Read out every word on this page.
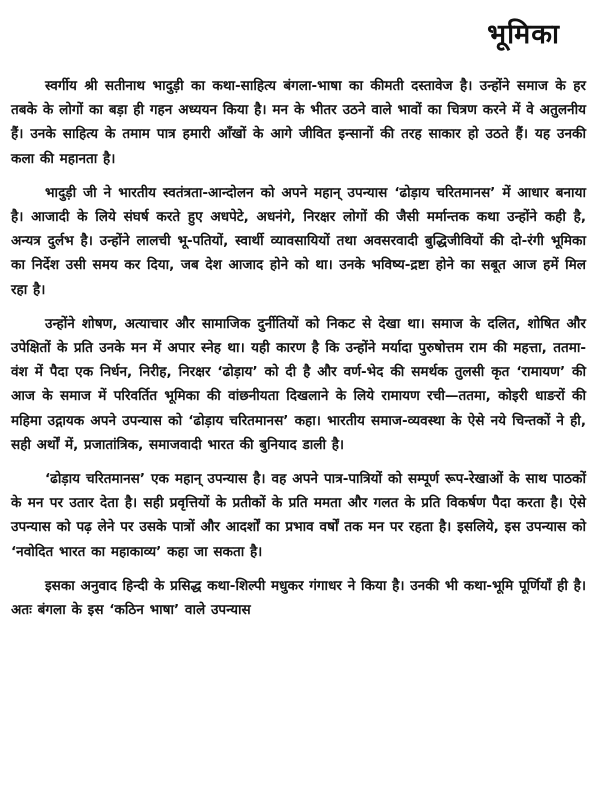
भूमिका

स्वर्गीय श्री सतीनाथ भादुड़ी का कथा-साहित्य बंगला-भाषा का कीमती दस्तावेज है। उन्होंने समाज के हर तबके के लोगों का बड़ा ही गहन अध्ययन किया है। मन के भीतर उठने वाले भावों का चित्रण करने में वे अतुलनीय हैं। उनके साहित्य के तमाम पात्र हमारी आँखों के आगे जीवित इन्सानों की तरह साकार हो उठते हैं। यह उनकी कला की महानता है।

भादुड़ी जी ने भारतीय स्वतंत्रता-आन्दोलन को अपने महान् उपन्यास ‘ढोड़ाय चरितमानस’ में आधार बनाया है। आजादी के लिये संघर्ष करते हुए अधपेटे, अधनंगे, निरक्षर लोगों की जैसी मर्मान्तक कथा उन्होंने कही है, अन्यत्र दुर्लभ है। उन्होंने लालची भू-पतियों, स्वार्थी व्यावसायियों तथा अवसरवादी बुद्धिजीवियों की दो-रंगी भूमिका का निर्देश उसी समय कर दिया, जब देश आजाद होने को था। उनके भविष्य-द्रष्टा होने का सबूत आज हमें मिल रहा है।

उन्होंने शोषण, अत्याचार और सामाजिक दुर्नीतियों को निकट से देखा था। समाज के दलित, शोषित और उपेक्षितों के प्रति उनके मन में अपार स्नेह था। यही कारण है कि उन्होंने मर्यादा पुरुषोत्तम राम की महत्ता, ततमा-वंश में पैदा एक निर्धन, निरीह, निरक्षर ‘ढोड़ाय’ को दी है और वर्ण-भेद की समर्थक तुलसी कृत ‘रामायण’ की आज के समाज में परिवर्तित भूमिका की वांछनीयता दिखलाने के लिये रामायण रची—ततमा, कोइरी धाङरों की महिमा उद्गायक अपने उपन्यास को ‘ढोड़ाय चरितमानस’ कहा। भारतीय समाज-व्यवस्था के ऐसे नये चिन्तकों ने ही, सही अर्थों में, प्रजातांत्रिक, समाजवादी भारत की बुनियाद डाली है।

‘ढोड़ाय चरितमानस’ एक महान् उपन्यास है। वह अपने पात्र-पात्रियों को सम्पूर्ण रूप-रेखाओं के साथ पाठकों के मन पर उतार देता है। सही प्रवृत्तियों के प्रतीकों के प्रति ममता और गलत के प्रति विकर्षण पैदा करता है। ऐसे उपन्यास को पढ़ लेने पर उसके पात्रों और आदर्शों का प्रभाव वर्षों तक मन पर रहता है। इसलिये, इस उपन्यास को ‘नवोदित भारत का महाकाव्य’ कहा जा सकता है।

इसका अनुवाद हिन्दी के प्रसिद्ध कथा-शिल्पी मधुकर गंगाधर ने किया है। उनकी भी कथा-भूमि पूर्णियाँ ही है। अतः बंगला के इस ‘कठिन भाषा’ वाले उपन्यास
